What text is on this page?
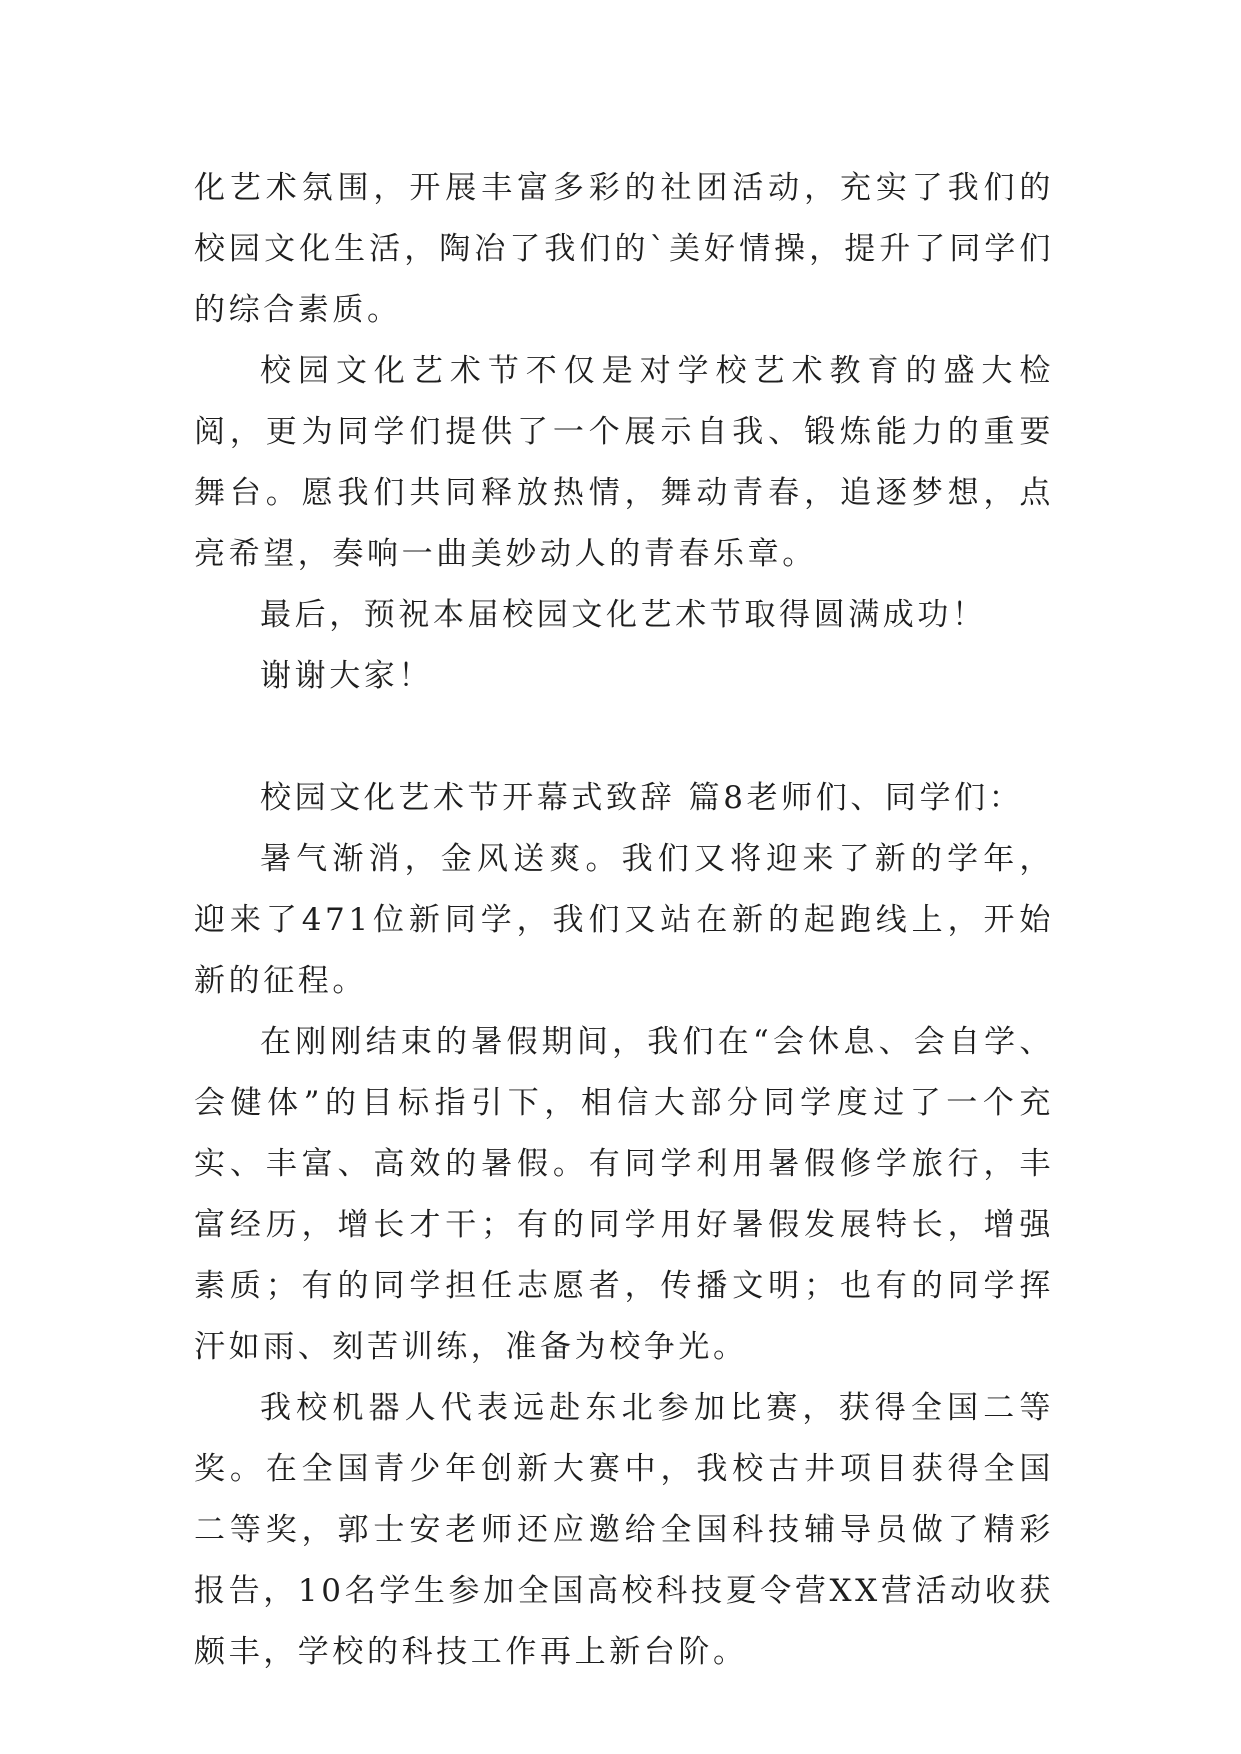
化艺术氛围，开展丰富多彩的社团活动，充实了我们的校园文化生活，陶冶了我们的`美好情操，提升了同学们的综合素质。

校园文化艺术节不仅是对学校艺术教育的盛大检阅，更为同学们提供了一个展示自我、锻炼能力的重要舞台。愿我们共同释放热情，舞动青春，追逐梦想，点亮希望，奏响一曲美妙动人的青春乐章。

最后，预祝本届校园文化艺术节取得圆满成功！

谢谢大家！

校园文化艺术节开幕式致辞 篇8老师们、同学们：

暑气渐消，金风送爽。我们又将迎来了新的学年，迎来了471位新同学，我们又站在新的起跑线上，开始新的征程。

在刚刚结束的暑假期间，我们在“会休息、会自学、会健体”的目标指引下，相信大部分同学度过了一个充实、丰富、高效的暑假。有同学利用暑假修学旅行，丰富经历，增长才干；有的同学用好暑假发展特长，增强素质；有的同学担任志愿者，传播文明；也有的同学挥汗如雨、刻苦训练，准备为校争光。

我校机器人代表远赴东北参加比赛，获得全国二等奖。在全国青少年创新大赛中，我校古井项目获得全国二等奖，郭士安老师还应邀给全国科技辅导员做了精彩报告，10名学生参加全国高校科技夏令营XX营活动收获颇丰，学校的科技工作再上新台阶。
